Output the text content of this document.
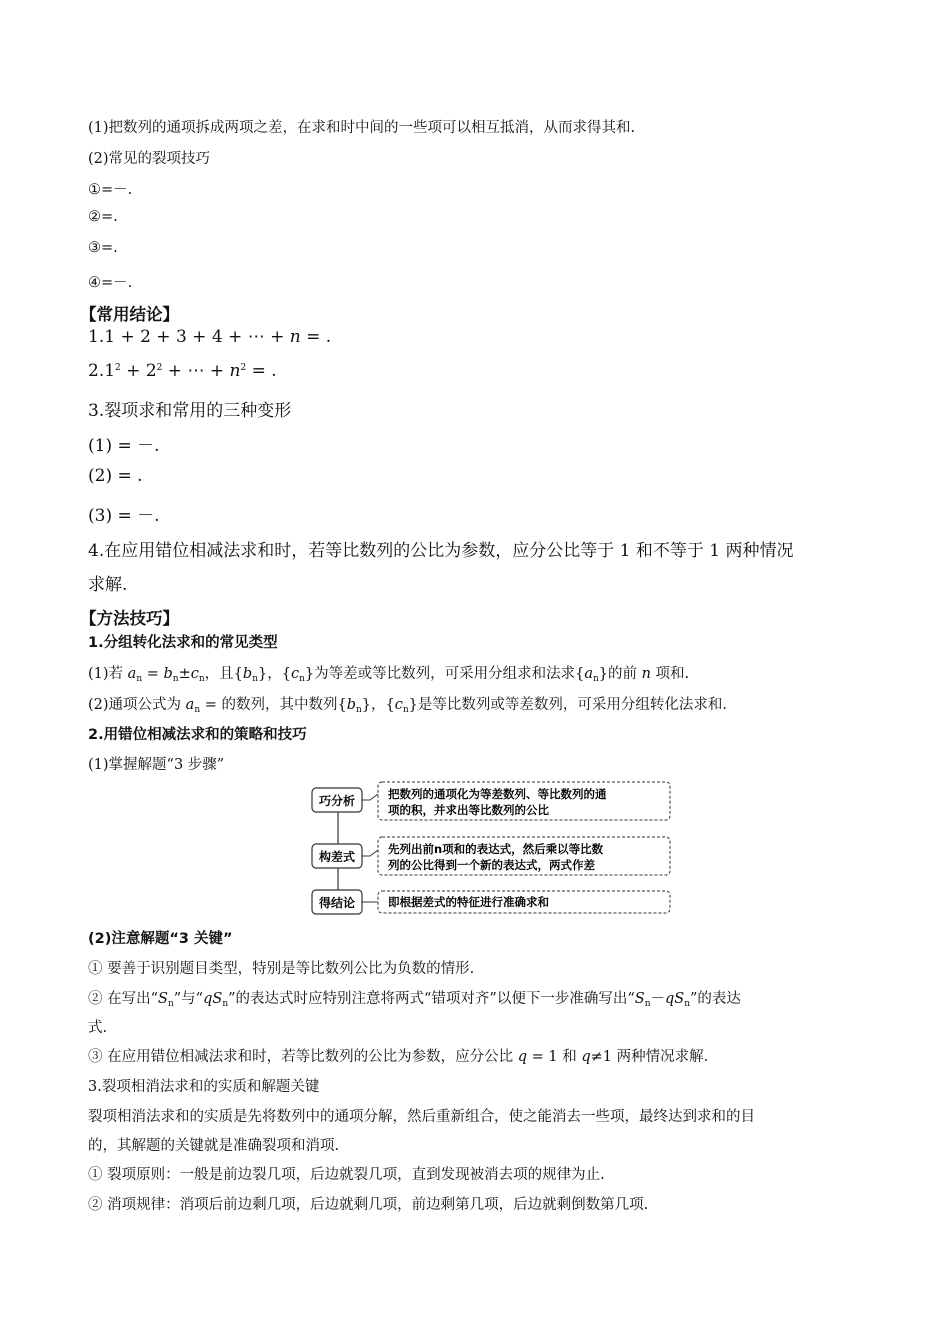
(1)把数列的通项拆成两项之差，在求和时中间的一些项可以相互抵消，从而求得其和.
(2)常见的裂项技巧
①=－.
②=.
③=.
④=－.
【常用结论】
1.1 + 2 + 3 + 4 + ⋯ + n = .
$2.1^2 + 2^2$ + ⋯ + $n^2$ = .
3.裂项求和常用的三种变形
(1) = －.
(2) = .
(3) = －.
4.在应用错位相减法求和时，若等比数列的公比为参数，应分公比等于 1 和不等于 1 两种情况
求解.
【方法技巧】
1.分组转化法求和的常见类型
(1)若 $a_n = b_n\pm c_n$，且$\{b_n\}$，$\{c_n\}$为等差或等比数列，可采用分组求和法求$\{a_n\}$的前 n 项和.
(2)通项公式为 $a_n$ = 的数列，其中数列$\{b_n\}$，$\{c_n\}$是等比数列或等差数列，可采用分组转化法求和.
2.用错位相减法求和的策略和技巧
(1)掌握解题“3 步骤”
巧分析
构差式
得结论
把数列的通项化为等差数列、等比数列的通
项的积，并求出等比数列的公比
先列出前n项和的表达式，然后乘以等比数
列的公比得到一个新的表达式，两式作差
即根据差式的特征进行准确求和
(2)注意解题“3 关键”
① 要善于识别题目类型，特别是等比数列公比为负数的情形.
② 在写出“$S_n$”与“$qS_n$”的表达式时应特别注意将两式“错项对齐”以便下一步准确写出“$S_n-qS_n$”的表达
式.
③ 在应用错位相减法求和时，若等比数列的公比为参数，应分公比 q = 1 和 q≠1 两种情况求解.
3.裂项相消法求和的实质和解题关键
裂项相消法求和的实质是先将数列中的通项分解，然后重新组合，使之能消去一些项，最终达到求和的目
的，其解题的关键就是准确裂项和消项.
① 裂项原则：一般是前边裂几项，后边就裂几项，直到发现被消去项的规律为止.
② 消项规律：消项后前边剩几项，后边就剩几项，前边剩第几项，后边就剩倒数第几项.
